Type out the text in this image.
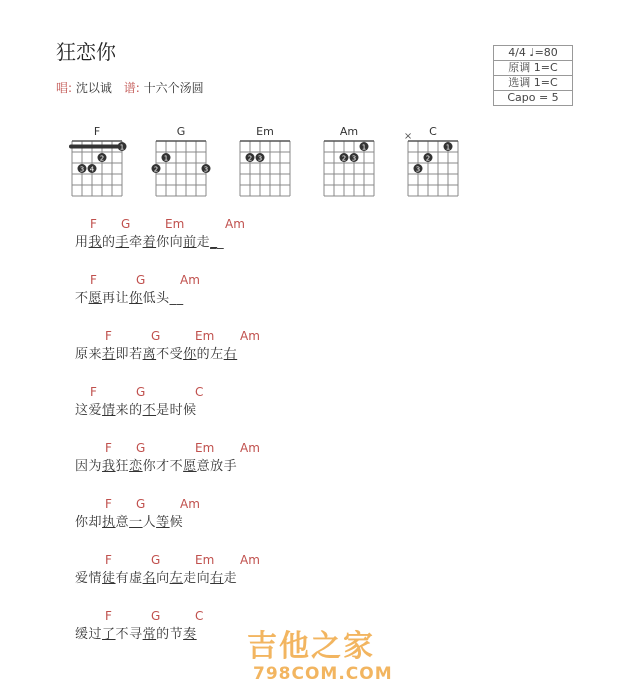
狂恋你
唱: 沈以诚 谱: 十六个汤圆
4/4 ♩=80
原调 1=C
选调 1=C
Capo = 5
F
1
2
3 4
G
1
2	3
Em
2 3
Am
1
2 3
C
×
1
2
3
F G	Em	Am
用我的手牵着你向前走__
F	G	Am
不愿再让你低头__
F	G	Em Am
原来若即若离不受你的左右
F	G	C
这爱情来的不是时候
F G	Em Am
因为我狂恋你才不愿意放手
F G	Am
你却执意一人等候
F	G	Em Am
爱情徒有虚名向左走向右走
F	G	C
缓过了不寻常的节奏 吉他之家
798COM.COM
